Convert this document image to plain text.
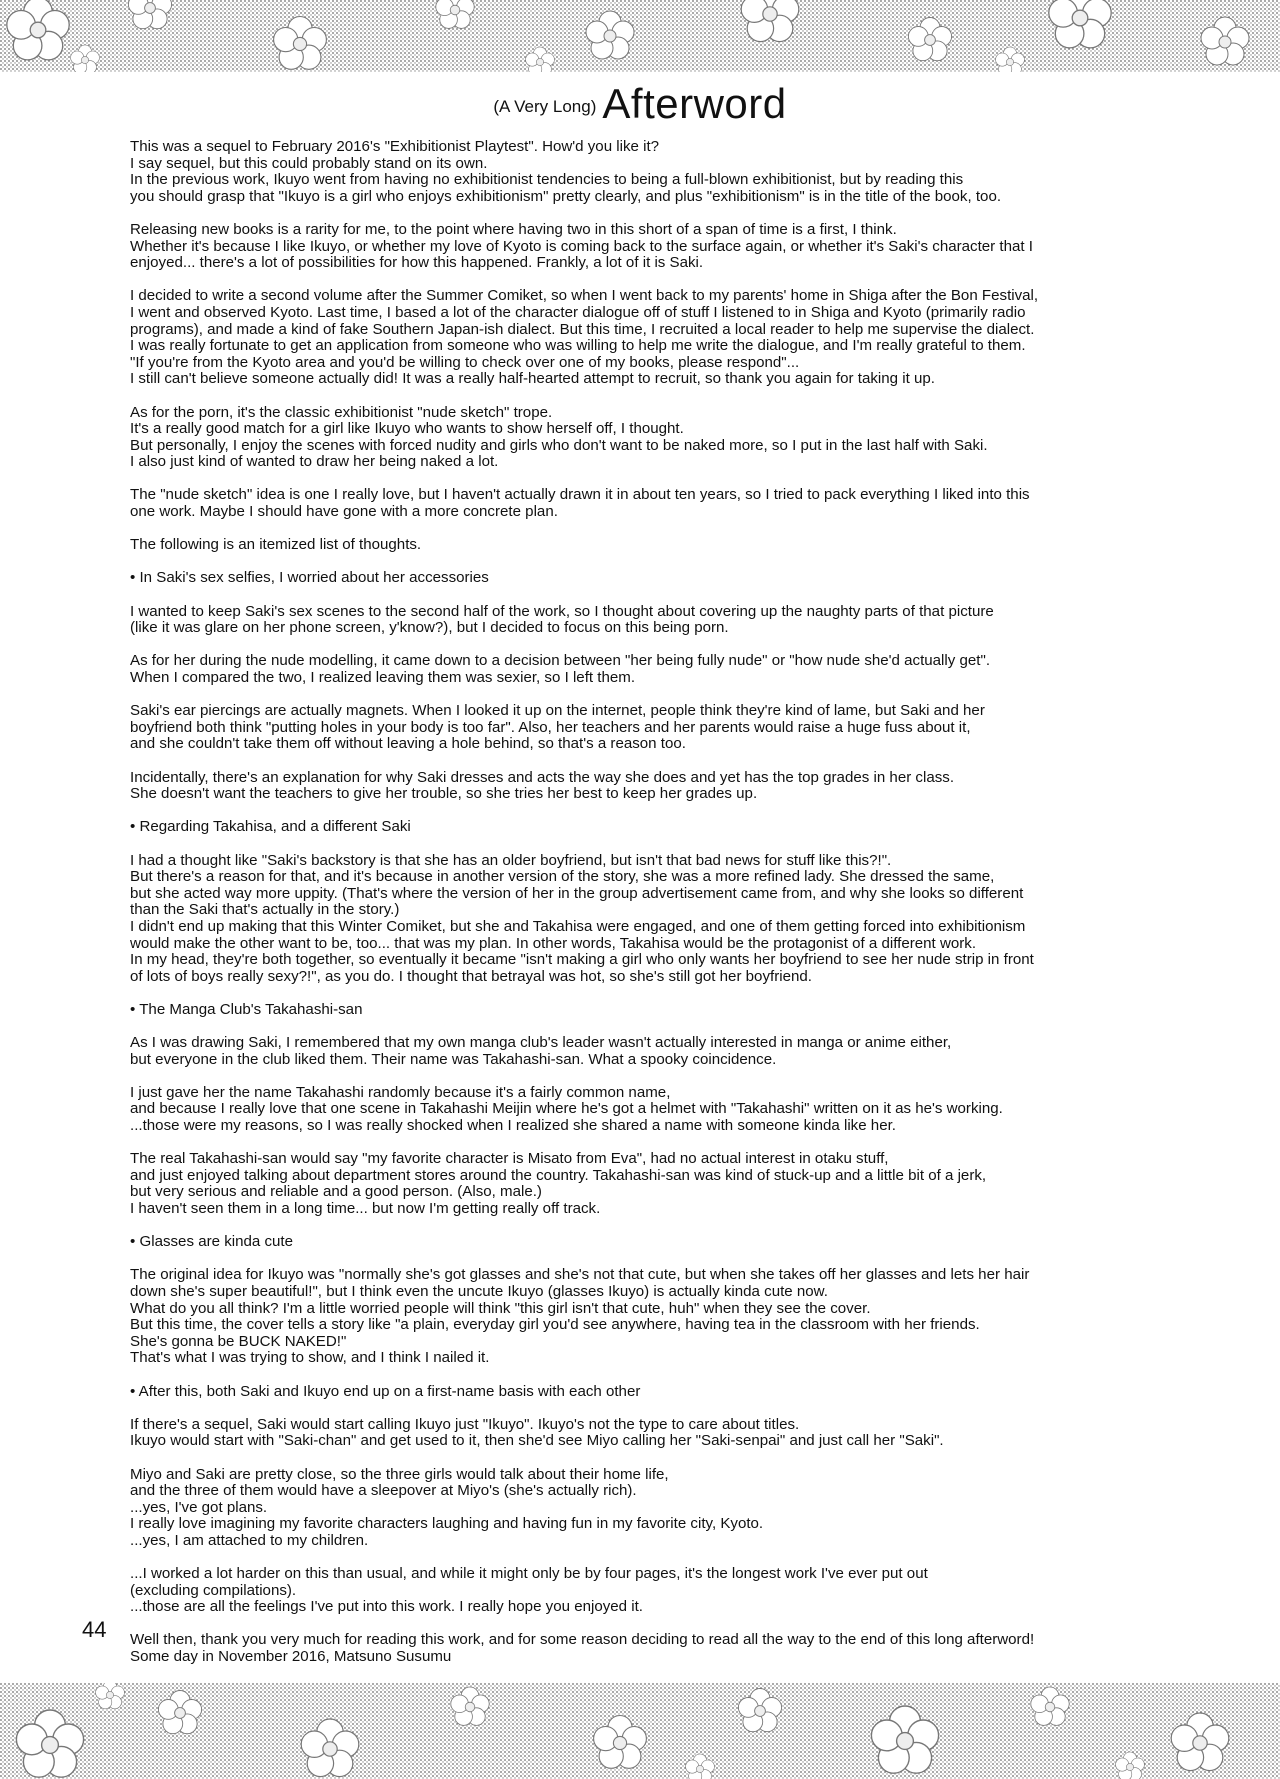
(A Very Long) Afterword

This was a sequel to February 2016's "Exhibitionist Playtest". How'd you like it?
I say sequel, but this could probably stand on its own.
In the previous work, Ikuyo went from having no exhibitionist tendencies to being a full-blown exhibitionist, but by reading this
you should grasp that "Ikuyo is a girl who enjoys exhibitionism" pretty clearly, and plus "exhibitionism" is in the title of the book, too.

Releasing new books is a rarity for me, to the point where having two in this short of a span of time is a first, I think.
Whether it's because I like Ikuyo, or whether my love of Kyoto is coming back to the surface again, or whether it's Saki's character that I
enjoyed... there's a lot of possibilities for how this happened. Frankly, a lot of it is Saki.

I decided to write a second volume after the Summer Comiket, so when I went back to my parents' home in Shiga after the Bon Festival,
I went and observed Kyoto. Last time, I based a lot of the character dialogue off of stuff I listened to in Shiga and Kyoto (primarily radio
programs), and made a kind of fake Southern Japan-ish dialect. But this time, I recruited a local reader to help me supervise the dialect.
I was really fortunate to get an application from someone who was willing to help me write the dialogue, and I'm really grateful to them.
"If you're from the Kyoto area and you'd be willing to check over one of my books, please respond"...
I still can't believe someone actually did! It was a really half-hearted attempt to recruit, so thank you again for taking it up.

As for the porn, it's the classic exhibitionist "nude sketch" trope.
It's a really good match for a girl like Ikuyo who wants to show herself off, I thought.
But personally, I enjoy the scenes with forced nudity and girls who don't want to be naked more, so I put in the last half with Saki.
I also just kind of wanted to draw her being naked a lot.

The "nude sketch" idea is one I really love, but I haven't actually drawn it in about ten years, so I tried to pack everything I liked into this
one work. Maybe I should have gone with a more concrete plan.

The following is an itemized list of thoughts.

• In Saki's sex selfies, I worried about her accessories

I wanted to keep Saki's sex scenes to the second half of the work, so I thought about covering up the naughty parts of that picture
(like it was glare on her phone screen, y'know?), but I decided to focus on this being porn.

As for her during the nude modelling, it came down to a decision between "her being fully nude" or "how nude she'd actually get".
When I compared the two, I realized leaving them was sexier, so I left them.

Saki's ear piercings are actually magnets. When I looked it up on the internet, people think they're kind of lame, but Saki and her
boyfriend both think "putting holes in your body is too far". Also, her teachers and her parents would raise a huge fuss about it,
and she couldn't take them off without leaving a hole behind, so that's a reason too.

Incidentally, there's an explanation for why Saki dresses and acts the way she does and yet has the top grades in her class.
She doesn't want the teachers to give her trouble, so she tries her best to keep her grades up.

• Regarding Takahisa, and a different Saki

I had a thought like "Saki's backstory is that she has an older boyfriend, but isn't that bad news for stuff like this?!".
But there's a reason for that, and it's because in another version of the story, she was a more refined lady. She dressed the same,
but she acted way more uppity. (That's where the version of her in the group advertisement came from, and why she looks so different
than the Saki that's actually in the story.)
I didn't end up making that this Winter Comiket, but she and Takahisa were engaged, and one of them getting forced into exhibitionism
would make the other want to be, too... that was my plan. In other words, Takahisa would be the protagonist of a different work.
In my head, they're both together, so eventually it became "isn't making a girl who only wants her boyfriend to see her nude strip in front
of lots of boys really sexy?!", as you do. I thought that betrayal was hot, so she's still got her boyfriend.

• The Manga Club's Takahashi-san

As I was drawing Saki, I remembered that my own manga club's leader wasn't actually interested in manga or anime either,
but everyone in the club liked them. Their name was Takahashi-san. What a spooky coincidence.

I just gave her the name Takahashi randomly because it's a fairly common name,
and because I really love that one scene in Takahashi Meijin where he's got a helmet with "Takahashi" written on it as he's working.
...those were my reasons, so I was really shocked when I realized she shared a name with someone kinda like her.

The real Takahashi-san would say "my favorite character is Misato from Eva", had no actual interest in otaku stuff,
and just enjoyed talking about department stores around the country. Takahashi-san was kind of stuck-up and a little bit of a jerk,
but very serious and reliable and a good person. (Also, male.)
I haven't seen them in a long time... but now I'm getting really off track.

• Glasses are kinda cute

The original idea for Ikuyo was "normally she's got glasses and she's not that cute, but when she takes off her glasses and lets her hair
down she's super beautiful!", but I think even the uncute Ikuyo (glasses Ikuyo) is actually kinda cute now.
What do you all think? I'm a little worried people will think "this girl isn't that cute, huh" when they see the cover.
But this time, the cover tells a story like "a plain, everyday girl you'd see anywhere, having tea in the classroom with her friends.
She's gonna be BUCK NAKED!"
That's what I was trying to show, and I think I nailed it.

• After this, both Saki and Ikuyo end up on a first-name basis with each other

If there's a sequel, Saki would start calling Ikuyo just "Ikuyo". Ikuyo's not the type to care about titles.
Ikuyo would start with "Saki-chan" and get used to it, then she'd see Miyo calling her "Saki-senpai" and just call her "Saki".

Miyo and Saki are pretty close, so the three girls would talk about their home life,
and the three of them would have a sleepover at Miyo's (she's actually rich).
...yes, I've got plans.
I really love imagining my favorite characters laughing and having fun in my favorite city, Kyoto.
...yes, I am attached to my children.

...I worked a lot harder on this than usual, and while it might only be by four pages, it's the longest work I've ever put out
(excluding compilations).
...those are all the feelings I've put into this work. I really hope you enjoyed it.

Well then, thank you very much for reading this work, and for some reason deciding to read all the way to the end of this long afterword!
Some day in November 2016, Matsuno Susumu

44
